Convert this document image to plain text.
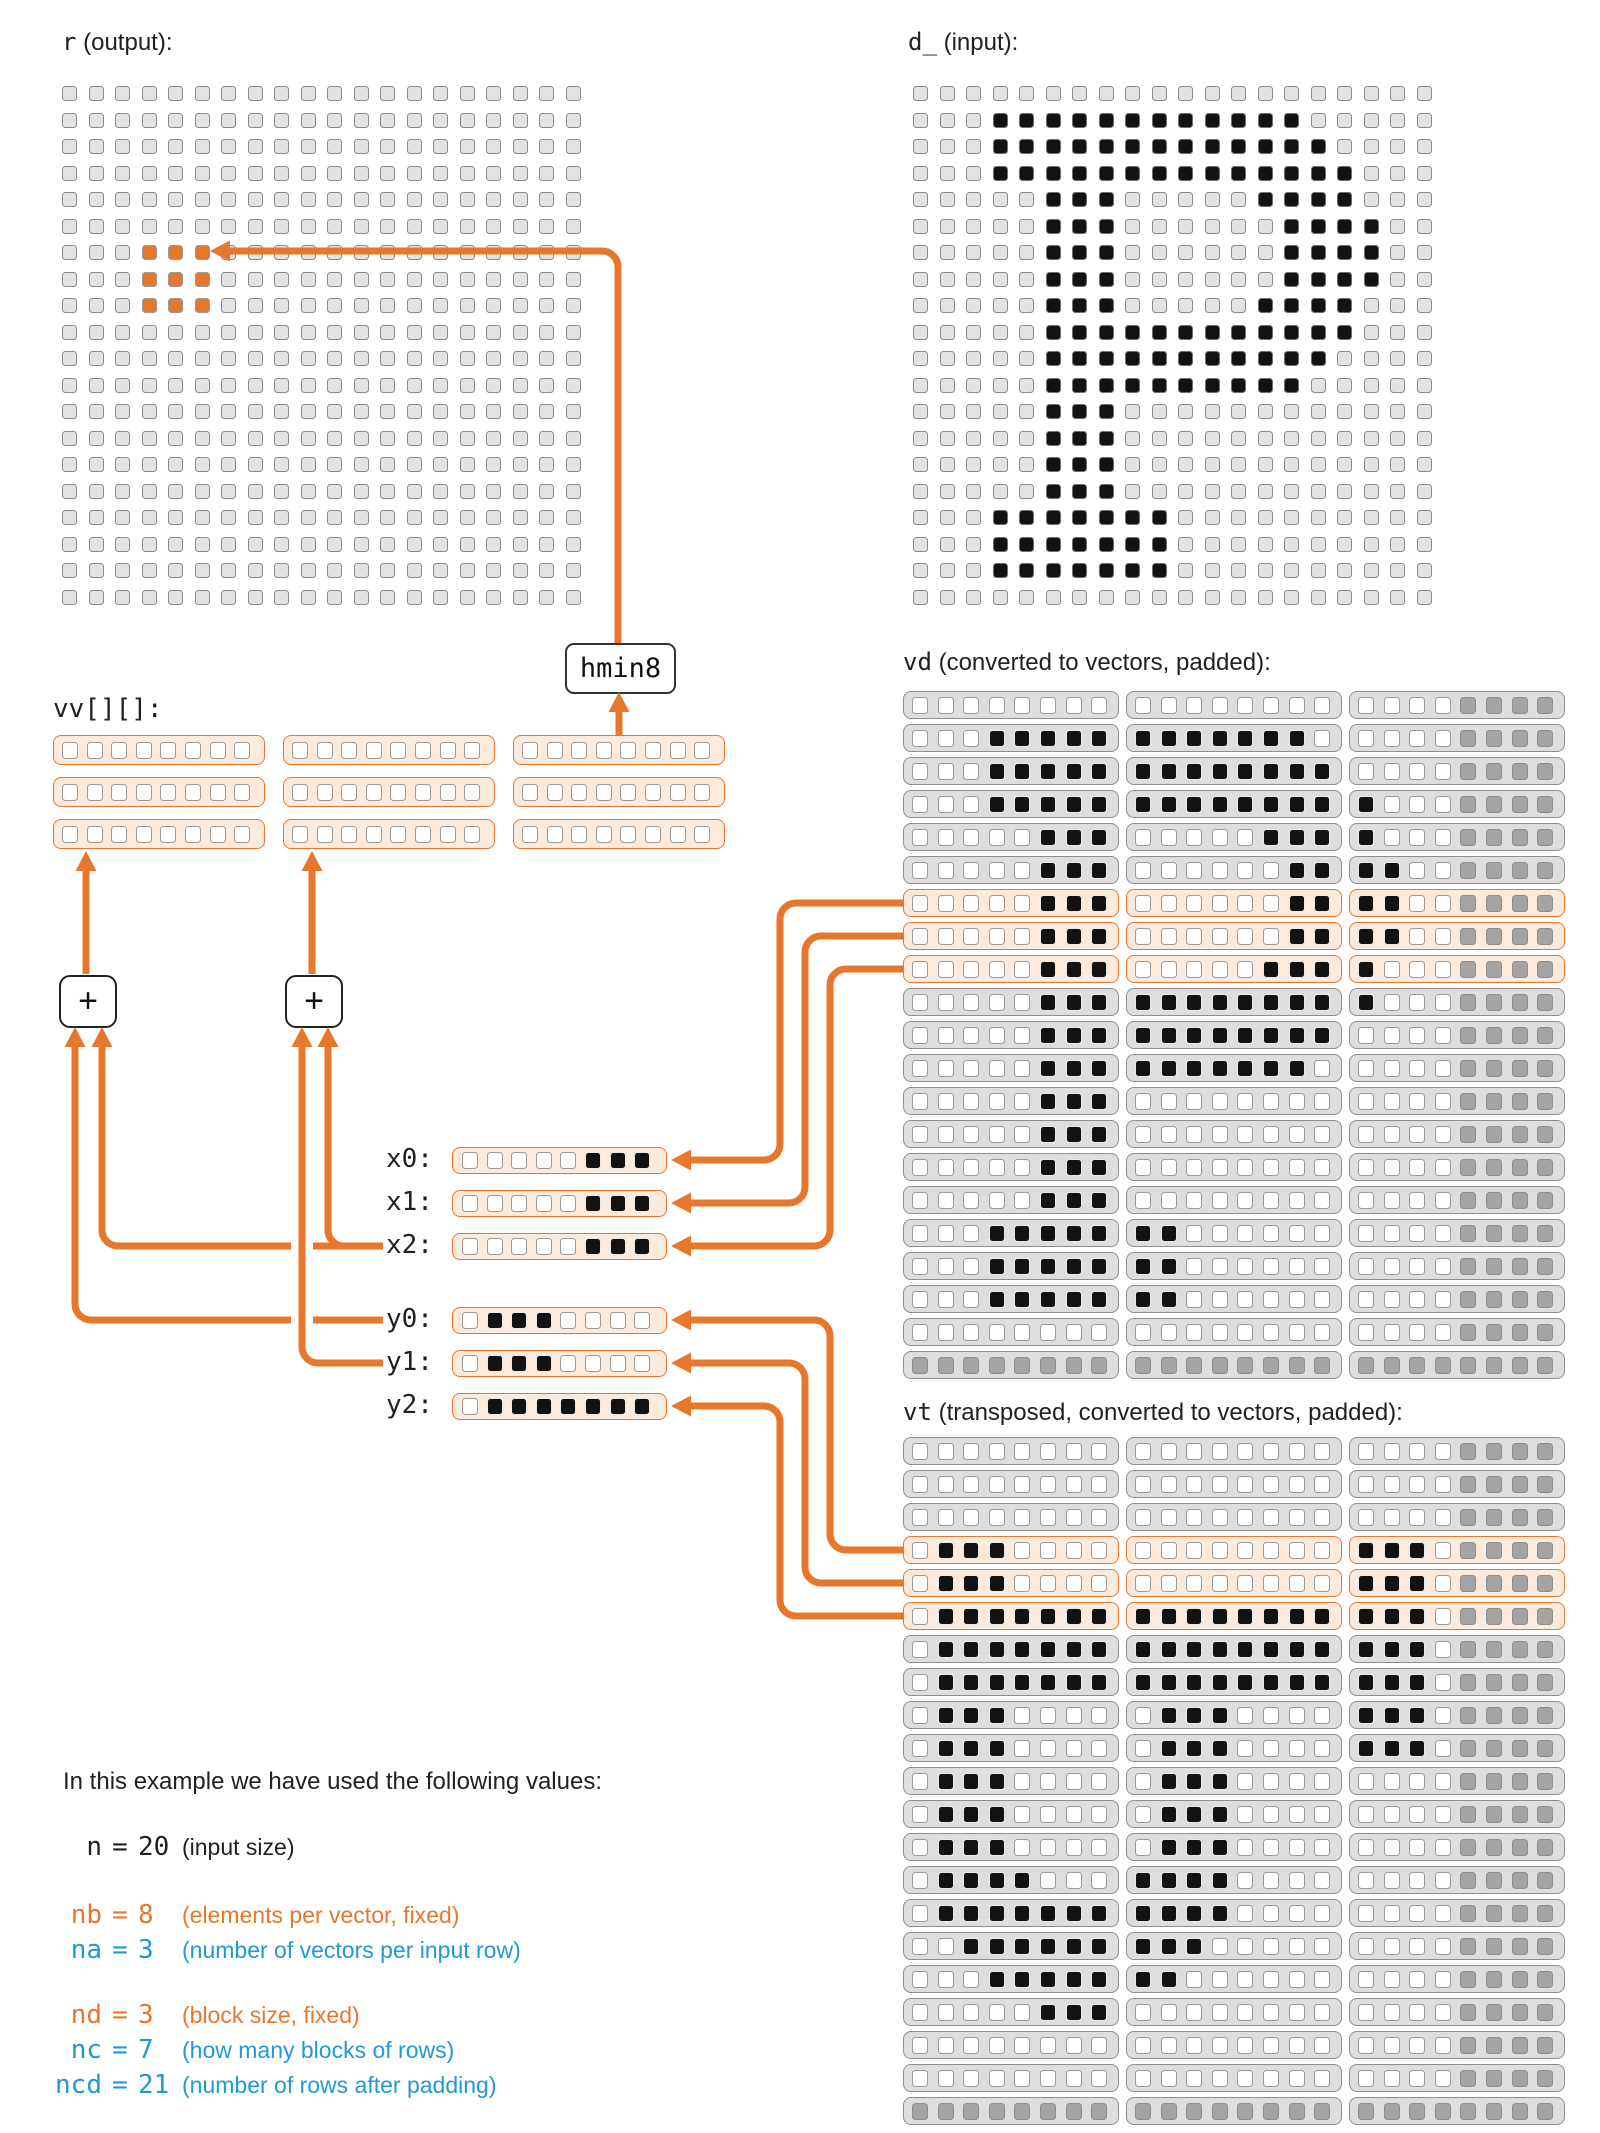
r (output):	d_ (input):
vv[][]:
vd (converted to vectors, padded):
vt (transposed, converted to vectors, padded):
hmin8
+	+
x0:
x1:
x2:
y0:
y1:
y2:
In this example we have used the following values:
n = 20 (input size)
nb = 8	(elements per vector, fixed)
na = 3	(number of vectors per input row)
nd = 3	(block size, fixed)
nc = 7	(how many blocks of rows)
ncd = 21 (number of rows after padding)
